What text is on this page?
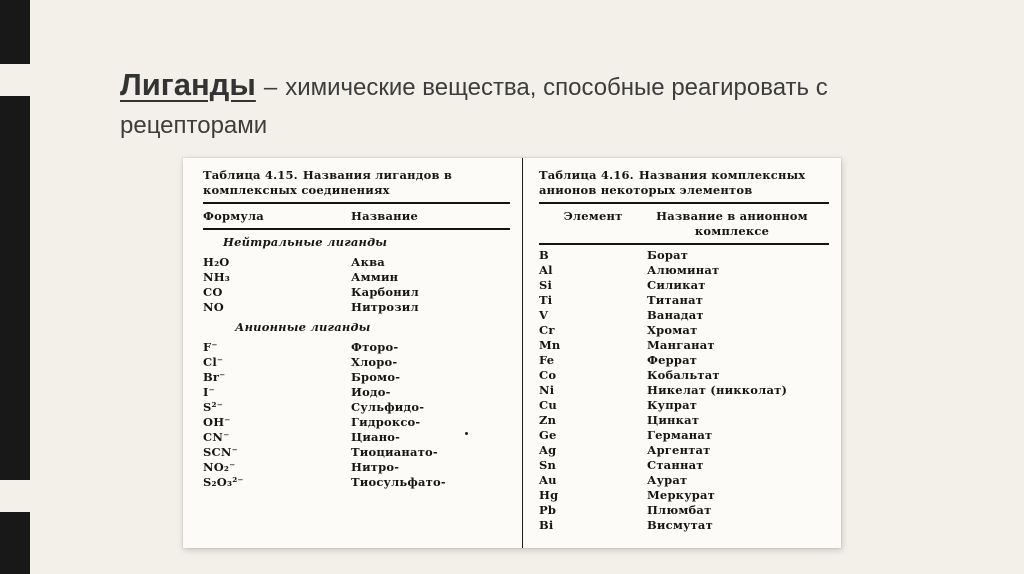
Лиганды – химические вещества, способные реагировать с рецепторами
Таблица 4.15. Названия лигандов в комплексных соединениях
Формула	Название
Нейтральные лиганды
H₂O	Аква
NH₃	Аммин
CO	Карбонил
NO	Нитрозил
Анионные лиганды
F⁻	Фторо-
Cl⁻	Хлоро-
Br⁻	Бромо-
I⁻	Иодо-
S²⁻	Сульфидо-
OH⁻	Гидроксо-
CN⁻	Циано-
SCN⁻	Тиоцианато-
NO₂⁻	Нитро-
S₂O₃²⁻	Тиосульфато-
Таблица 4.16. Названия комплексных анионов некоторых элементов
Элемент	Название в анионном комплексе
B	Борат
Al	Алюминат
Si	Силикат
Ti	Титанат
V	Ванадат
Cr	Хромат
Mn	Манганат
Fe	Феррат
Co	Кобальтат
Ni	Никелат (никколат)
Cu	Купрат
Zn	Цинкат
Ge	Германат
Ag	Аргентат
Sn	Станнат
Au	Аурат
Hg	Меркурат
Pb	Плюмбат
Bi	Висмутат
